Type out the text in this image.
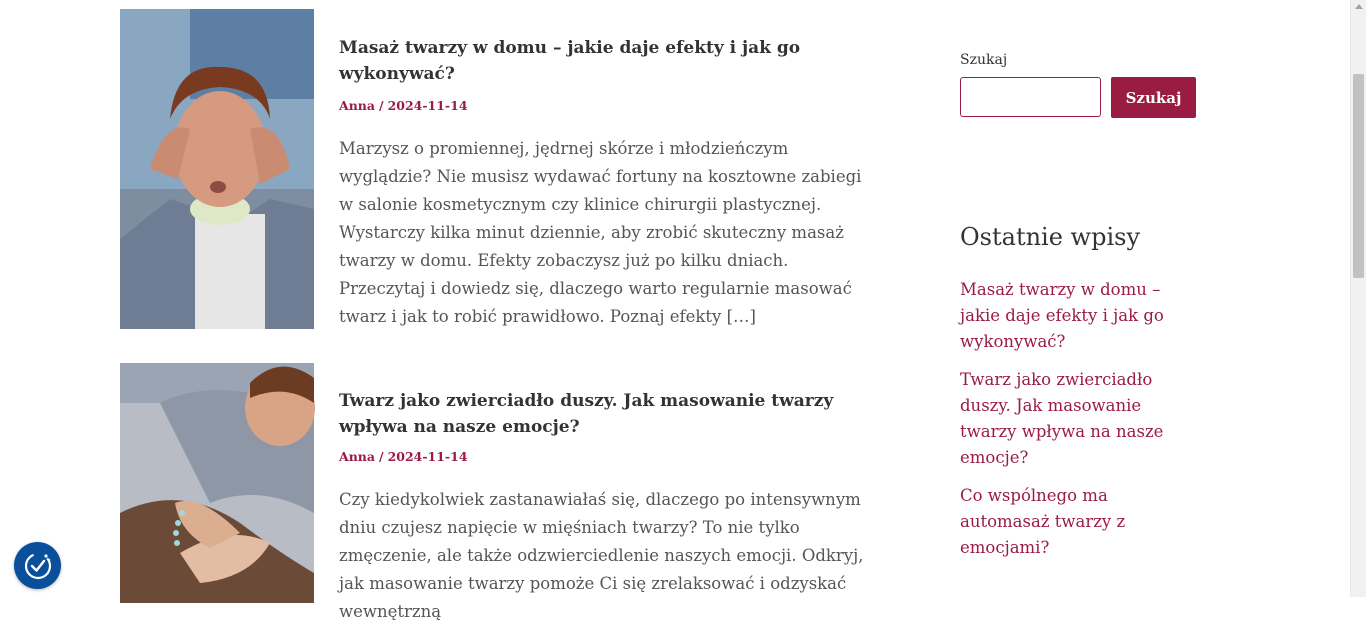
Masaż twarzy w domu – jakie daje efekty i jak go wykonywać?
Anna / 2024-11-14

Marzysz o promiennej, jędrnej skórze i młodzieńczym wyglądzie? Nie musisz wydawać fortuny na kosztowne zabiegi w salonie kosmetycznym czy klinice chirurgii plastycznej. Wystarczy kilka minut dziennie, aby zrobić skuteczny masaż twarzy w domu. Efekty zobaczysz już po kilku dniach. Przeczytaj i dowiedz się, dlaczego warto regularnie masować twarz i jak to robić prawidłowo. Poznaj efekty […]

Twarz jako zwierciadło duszy. Jak masowanie twarzy wpływa na nasze emocje?
Anna / 2024-11-14

Czy kiedykolwiek zastanawiałaś się, dlaczego po intensywnym dniu czujesz napięcie w mięśniach twarzy? To nie tylko zmęczenie, ale także odzwierciedlenie naszych emocji. Odkryj, jak masowanie twarzy pomoże Ci się zrelaksować i odzyskać wewnętrzną

Szukaj
Szukaj
Ostatnie wpisy
Masaż twarzy w domu – jakie daje efekty i jak go wykonywać?
Twarz jako zwierciadło duszy. Jak masowanie twarzy wpływa na nasze emocje?
Co wspólnego ma automasaż twarzy z emocjami?
